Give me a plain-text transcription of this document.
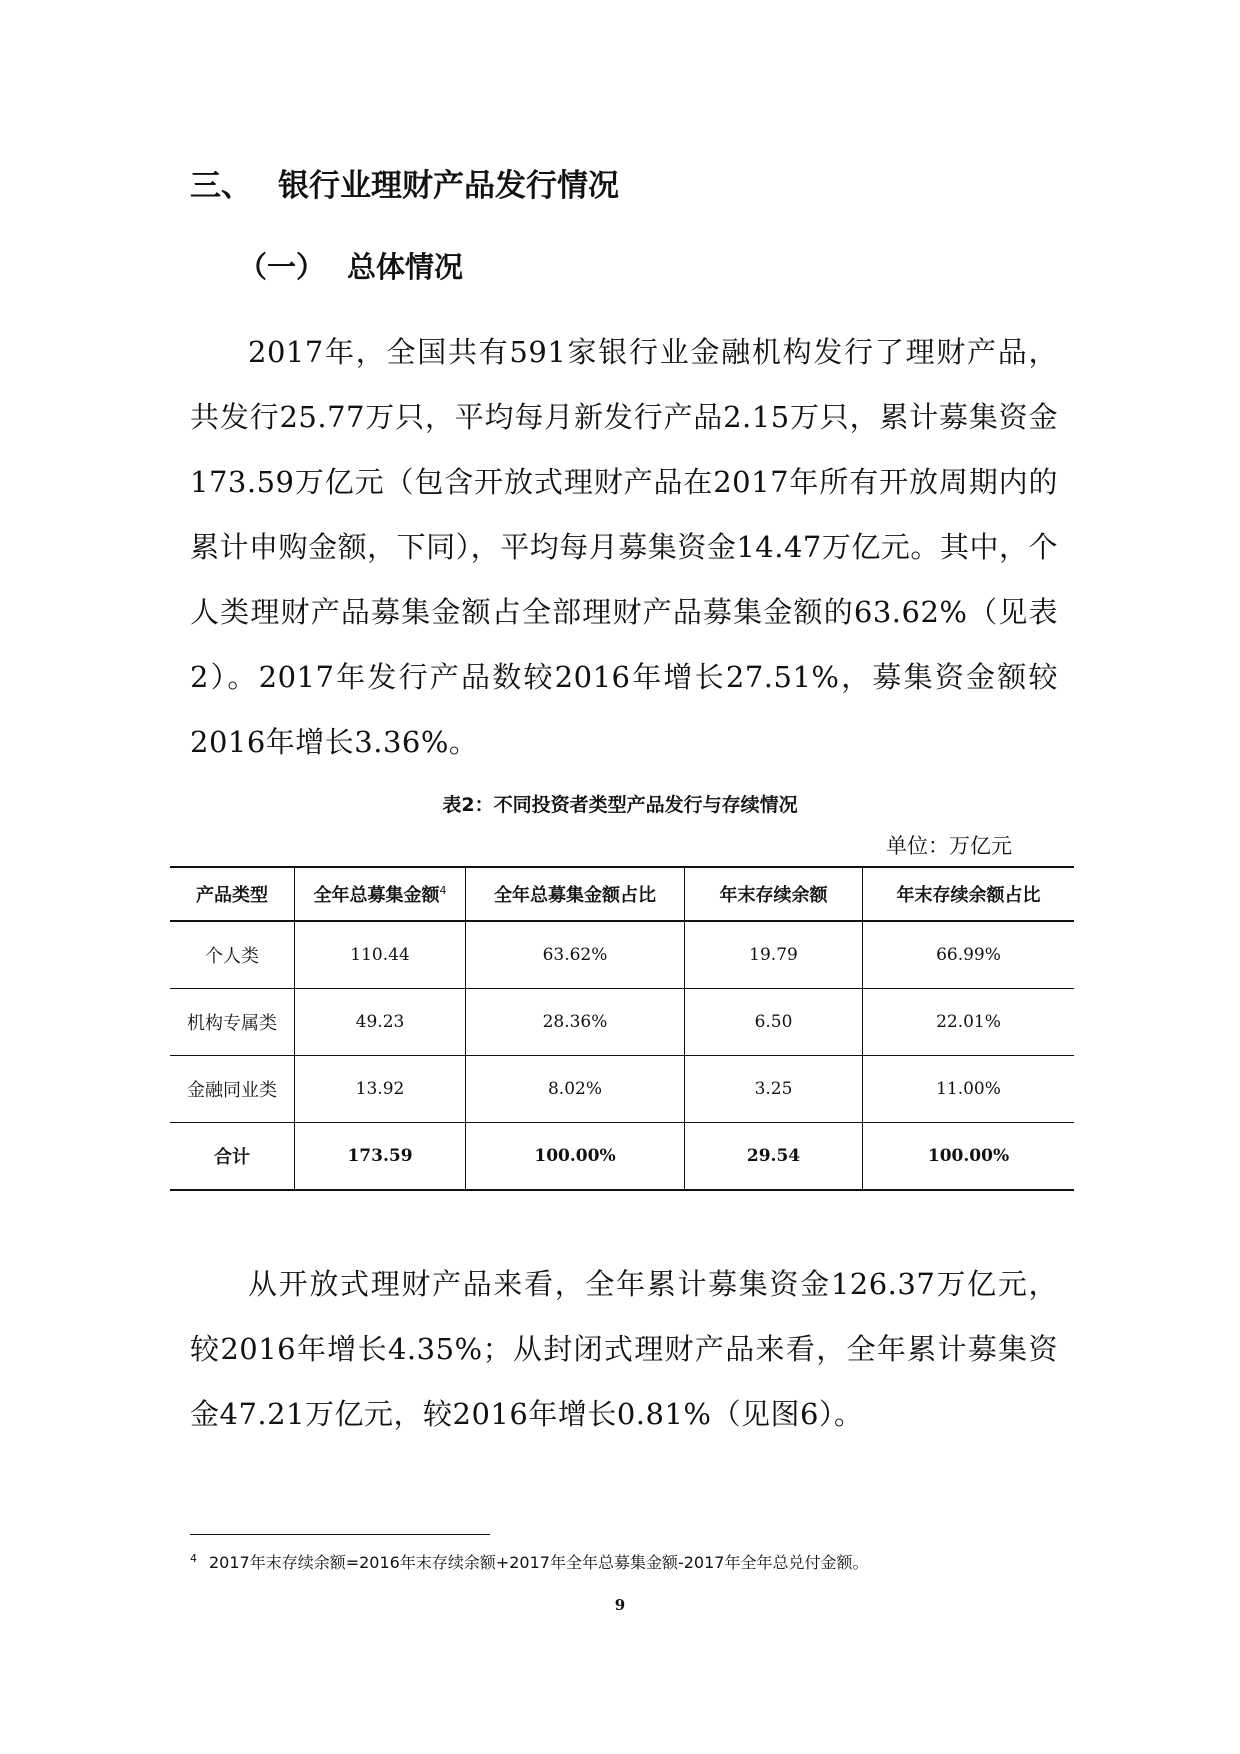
三、 银行业理财产品发行情况
（一） 总体情况

2017年，全国共有591家银行业金融机构发行了理财产品，共发行25.77万只，平均每月新发行产品2.15万只，累计募集资金173.59万亿元（包含开放式理财产品在2017年所有开放周期内的累计申购金额，下同），平均每月募集资金14.47万亿元。其中，个人类理财产品募集金额占全部理财产品募集金额的63.62%（见表2）。2017年发行产品数较2016年增长27.51%，募集资金额较2016年增长3.36%。

表2：不同投资者类型产品发行与存续情况
单位：万亿元
产品类型	全年总募集金额$^4$	全年总募集金额占比	年末存续余额	年末存续余额占比
个人类	110.44	63.62%	19.79	66.99%
机构专属类	49.23	28.36%	6.50	22.01%
金融同业类	13.92	8.02%	3.25	11.00%
合计	173.59	100.00%	29.54	100.00%

从开放式理财产品来看，全年累计募集资金126.37万亿元，较2016年增长4.35%；从封闭式理财产品来看，全年累计募集资金47.21万亿元，较2016年增长0.81%（见图6）。

$^4$ 2017年末存续余额=2016年末存续余额+2017年全年总募集金额-2017年全年总兑付金额。
9
